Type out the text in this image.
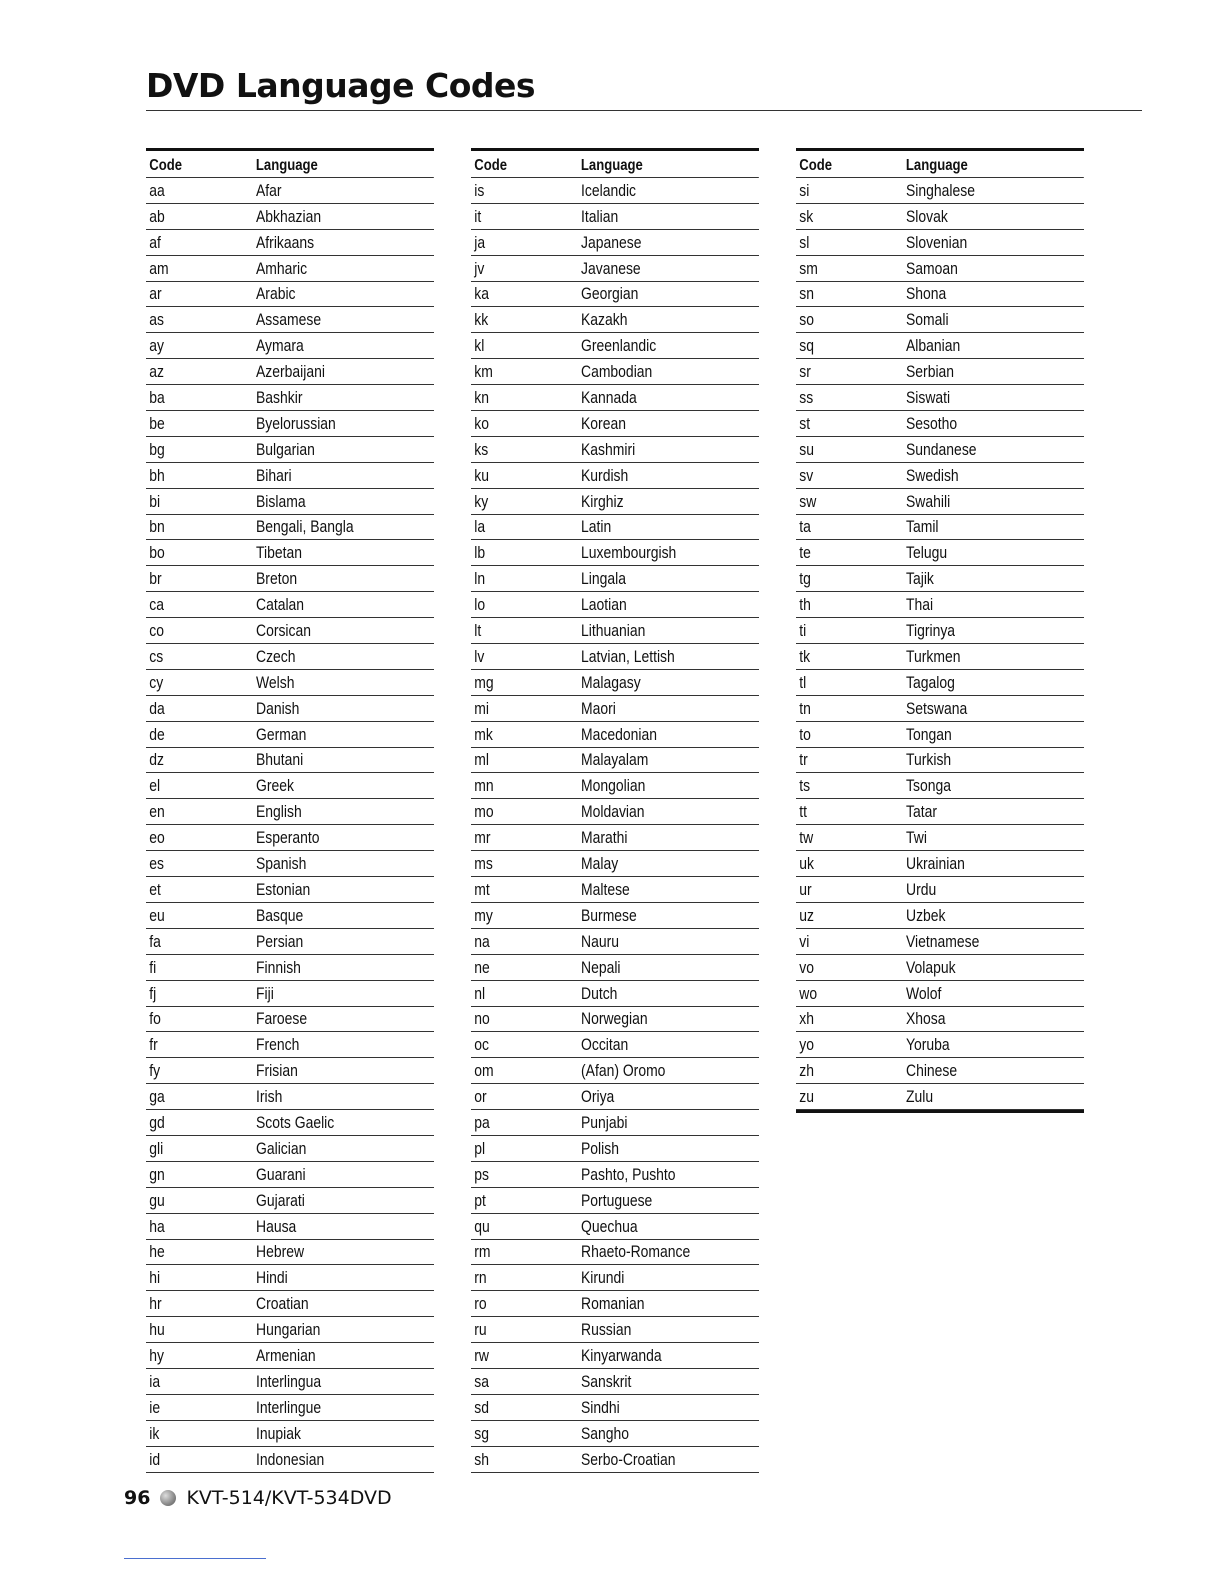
DVD Language Codes
Code	Language
aa	Afar
ab	Abkhazian
af	Afrikaans
am	Amharic
ar	Arabic
as	Assamese
ay	Aymara
az	Azerbaijani
ba	Bashkir
be	Byelorussian
bg	Bulgarian
bh	Bihari
bi	Bislama
bn	Bengali, Bangla
bo	Tibetan
br	Breton
ca	Catalan
co	Corsican
cs	Czech
cy	Welsh
da	Danish
de	German
dz	Bhutani
el	Greek
en	English
eo	Esperanto
es	Spanish
et	Estonian
eu	Basque
fa	Persian
fi	Finnish
fj	Fiji
fo	Faroese
fr	French
fy	Frisian
ga	Irish
gd	Scots Gaelic
gli	Galician
gn	Guarani
gu	Gujarati
ha	Hausa
he	Hebrew
hi	Hindi
hr	Croatian
hu	Hungarian
hy	Armenian
ia	Interlingua
ie	Interlingue
ik	Inupiak
id	Indonesian
Code	Language
is	Icelandic
it	Italian
ja	Japanese
jv	Javanese
ka	Georgian
kk	Kazakh
kl	Greenlandic
km	Cambodian
kn	Kannada
ko	Korean
ks	Kashmiri
ku	Kurdish
ky	Kirghiz
la	Latin
lb	Luxembourgish
ln	Lingala
lo	Laotian
lt	Lithuanian
lv	Latvian, Lettish
mg	Malagasy
mi	Maori
mk	Macedonian
ml	Malayalam
mn	Mongolian
mo	Moldavian
mr	Marathi
ms	Malay
mt	Maltese
my	Burmese
na	Nauru
ne	Nepali
nl	Dutch
no	Norwegian
oc	Occitan
om	(Afan) Oromo
or	Oriya
pa	Punjabi
pl	Polish
ps	Pashto, Pushto
pt	Portuguese
qu	Quechua
rm	Rhaeto-Romance
rn	Kirundi
ro	Romanian
ru	Russian
rw	Kinyarwanda
sa	Sanskrit
sd	Sindhi
sg	Sangho
sh	Serbo-Croatian
Code	Language
si	Singhalese
sk	Slovak
sl	Slovenian
sm	Samoan
sn	Shona
so	Somali
sq	Albanian
sr	Serbian
ss	Siswati
st	Sesotho
su	Sundanese
sv	Swedish
sw	Swahili
ta	Tamil
te	Telugu
tg	Tajik
th	Thai
ti	Tigrinya
tk	Turkmen
tl	Tagalog
tn	Setswana
to	Tongan
tr	Turkish
ts	Tsonga
tt	Tatar
tw	Twi
uk	Ukrainian
ur	Urdu
uz	Uzbek
vi	Vietnamese
vo	Volapuk
wo	Wolof
xh	Xhosa
yo	Yoruba
zh	Chinese
zu	Zulu
96 KVT-514/KVT-534DVD
